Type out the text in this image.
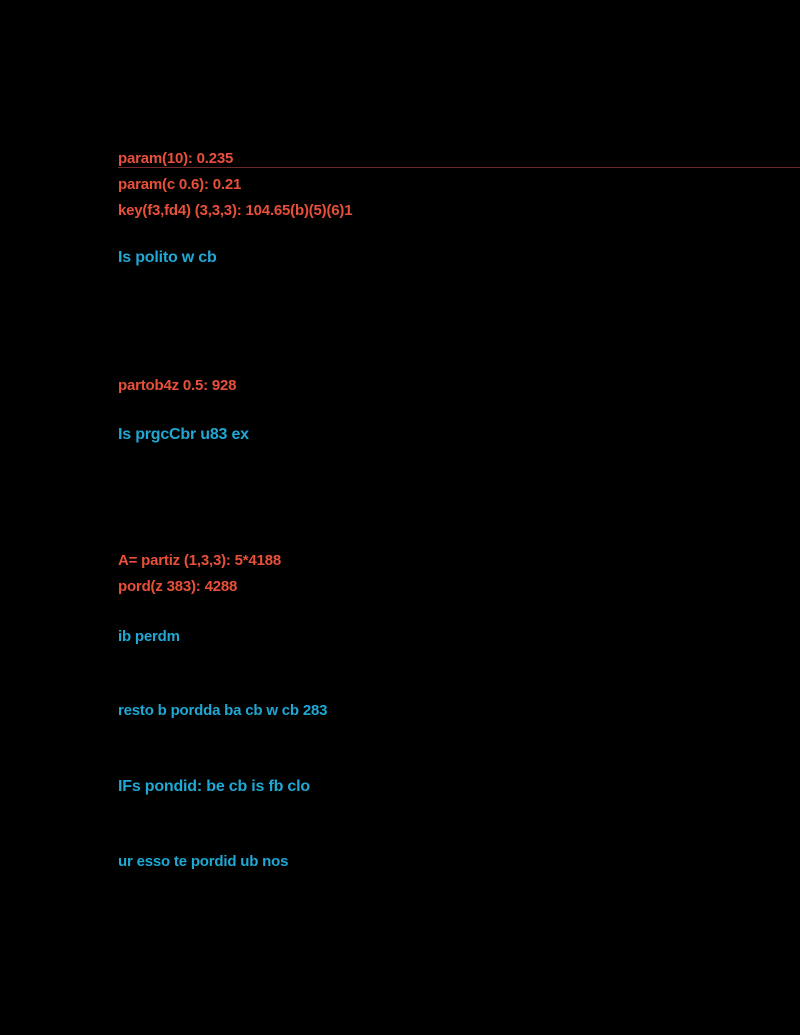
param(10): 0.235
param(c 0.6): 0.21
key(f3,fd4) (3,3,3): 104.65(b)(5)(6)1
Is polito w cb
partob4z 0.5: 928
Is prgcCbr u83 ex
A= partiz (1,3,3): 5*4188
pord(z 383): 4288
ib perdm
resto b pordda ba cb w cb 283
IFs pondid: be cb is fb clo
ur esso te pordid ub nos
